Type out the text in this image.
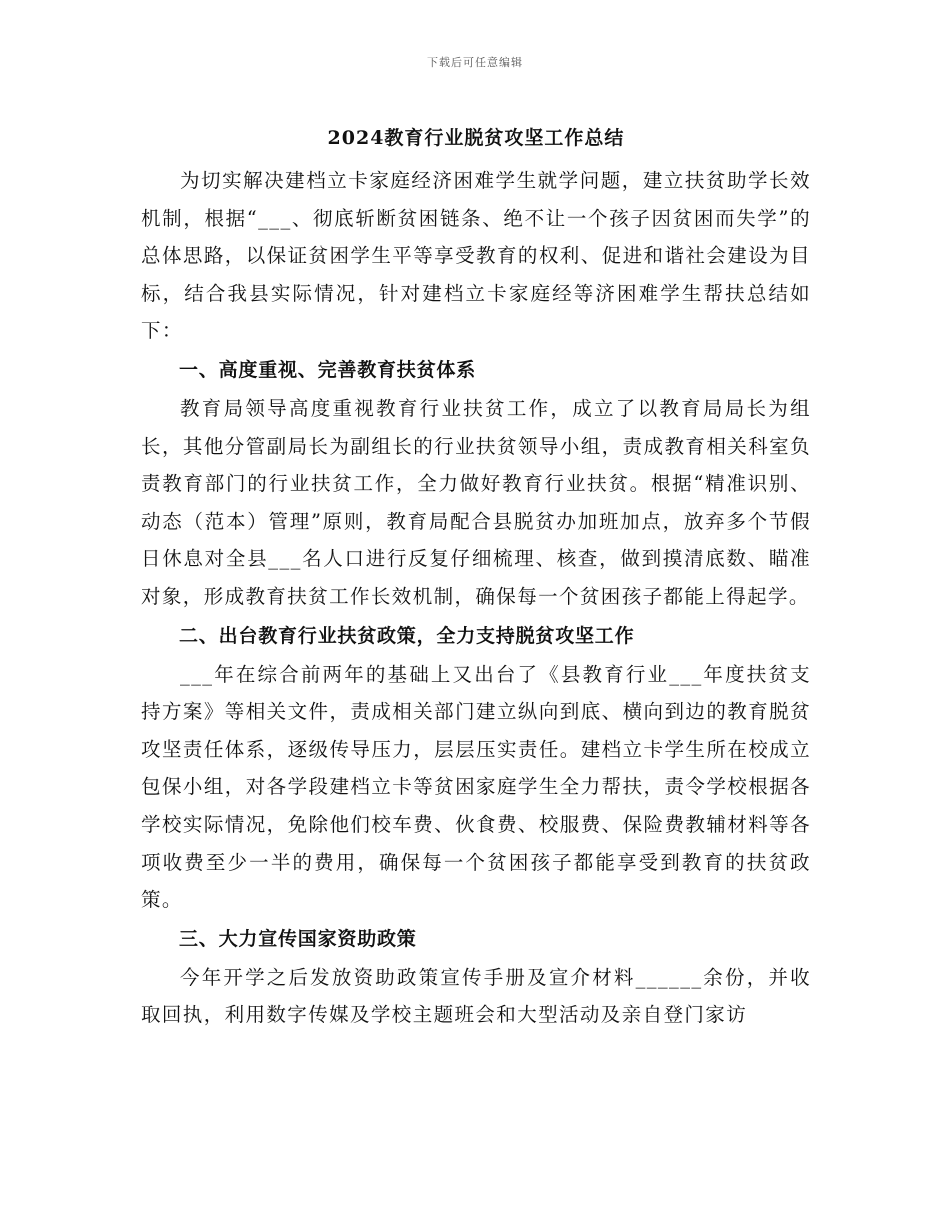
下载后可任意编辑
2024教育行业脱贫攻坚工作总结

为切实解决建档立卡家庭经济困难学生就学问题，建立扶贫助学长效机制，根据“___、彻底斩断贫困链条、绝不让一个孩子因贫困而失学”的总体思路，以保证贫困学生平等享受教育的权利、促进和谐社会建设为目标，结合我县实际情况，针对建档立卡家庭经等济困难学生帮扶总结如下：

一、高度重视、完善教育扶贫体系

教育局领导高度重视教育行业扶贫工作，成立了以教育局局长为组长，其他分管副局长为副组长的行业扶贫领导小组，责成教育相关科室负责教育部门的行业扶贫工作，全力做好教育行业扶贫。根据“精准识别、动态（范本）管理”原则，教育局配合县脱贫办加班加点，放弃多个节假日休息对全县___名人口进行反复仔细梳理、核查，做到摸清底数、瞄准对象，形成教育扶贫工作长效机制，确保每一个贫困孩子都能上得起学。

二、出台教育行业扶贫政策，全力支持脱贫攻坚工作

___年在综合前两年的基础上又出台了《县教育行业___年度扶贫支持方案》等相关文件，责成相关部门建立纵向到底、横向到边的教育脱贫攻坚责任体系，逐级传导压力，层层压实责任。建档立卡学生所在校成立包保小组，对各学段建档立卡等贫困家庭学生全力帮扶，责令学校根据各学校实际情况，免除他们校车费、伙食费、校服费、保险费教辅材料等各项收费至少一半的费用，确保每一个贫困孩子都能享受到教育的扶贫政策。

三、大力宣传国家资助政策

今年开学之后发放资助政策宣传手册及宣介材料______余份，并收取回执，利用数字传媒及学校主题班会和大型活动及亲自登门家访
